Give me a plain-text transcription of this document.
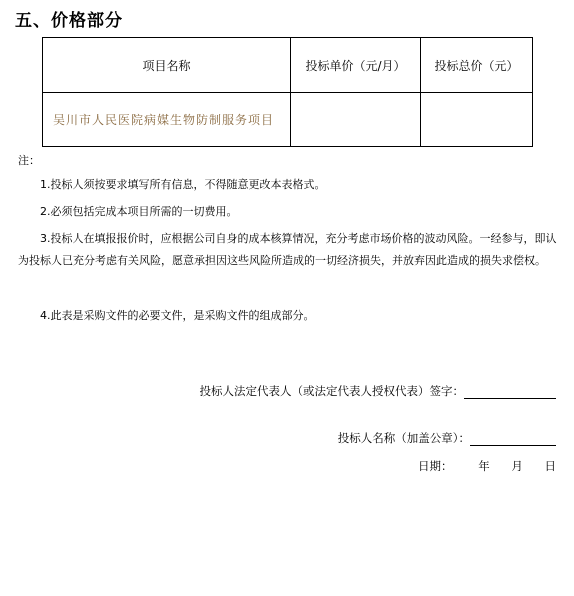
五、价格部分
项目名称	投标单价（元/月）	投标总价（元）
吴川市人民医院病媒生物防制服务项目		
注：

1.投标人须按要求填写所有信息，不得随意更改本表格式。

2.必须包括完成本项目所需的一切费用。

3.投标人在填报报价时，应根据公司自身的成本核算情况，充分考虑市场价格的波动风险。一经参与，即认为投标人已充分考虑有关风险，愿意承担因这些风险所造成的一切经济损失，并放弃因此造成的损失求偿权。

4.此表是采购文件的必要文件，是采购文件的组成部分。

投标人法定代表人（或法定代表人授权代表）签字：
投标人名称（加盖公章）：
日期： 年 月 日
